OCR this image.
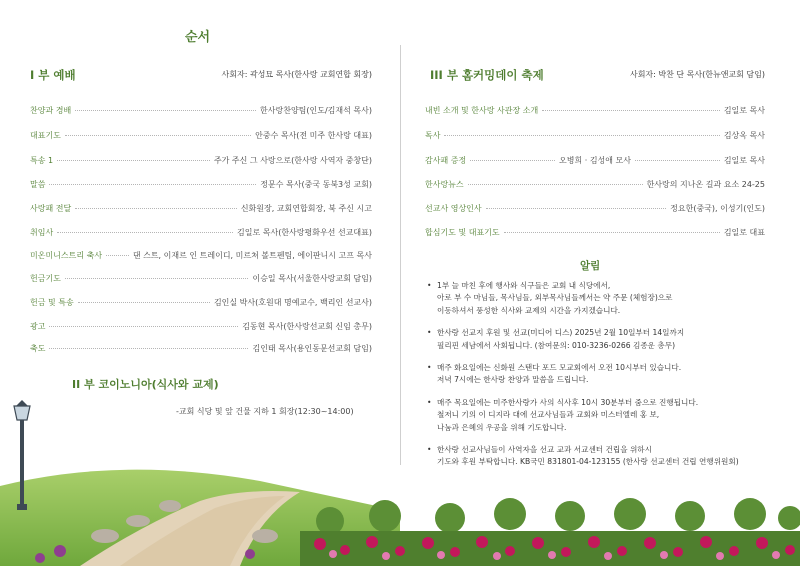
순서
I 부 예배	사회자: 곽성묘 목사(한사랑 교회연합 회장)
찬양과 경배	한사랑찬양팀(인도/김재석 목사)
대표기도	안중수 목사(전 미주 한사랑 대표)
특송 1	주가 주신 그 사랑으로(한사랑 사역자 중창단)
말씀	정문수 목사(중국 동북3성 교회)
사랑패 전달	신화원장, 교회연합회장, 북 주신 시고
취임사	김일로 목사(한사랑평화우선 선교대표)
미온미니스트리 축사	댄 스트, 이재르 인 트레이디, 미르쳐 볼트펜팀, 에이판니시 고프 목사
헌금기도	이승일 목사(서울한사랑교회 담임)
헌금 및 특송	김인실 박사(호원대 명예교수, 백리인 선교사)
광고	김동현 목사(한사랑선교회 신임 총무)
축도	김인태 목사(용인동문선교회 담임)
II 부 코이노니아(식사와 교제)
-교회 식당 및 앞 건물 지하 1 회장(12:30~14:00)
III 부 홈커밍데이 축제	사회자: 박찬 단 목사(한뉴앤교회 담임)
내빈 소개 및 한사랑 사관장 소개	김일로 목사
독사	김상옥 목사
감사패 증정	오병희 · 김성애 모사	김일로 목사
한사랑뉴스	한사랑의 지나온 길과 요소 24-25
선교사 영상인사	정요한(중국), 이성기(인도)
합심기도 및 대표기도	김일로 대표
알림
• 1부 늘 마친 후에 행사와 식구들은 교회 내 식당에서,
아로 부 수 마님들, 목사님들, 외부목사님들께서는 약 주문 (체험장)으로
이동하셔서 풍성한 식사와 교제의 시간을 가지겠습니다.
• 한사랑 선교지 후원 및 선교(미디어 디스) 2025년 2월 10일부터 14일까지
필리핀 세남에서 사회됩니다. (참여문의: 010-3236-0266 김종운 총무)
• 매주 화요일에는 신화원 스탠다 포드 모교회에서 오전 10시부터 있습니다.
저녁 7시에는 한사랑 찬양과 말씀을 드립니다.
• 매주 목요일에는 미주한사랑가 사의 식사후 10시 30분부터 줌으로 진행됩니다.
철저니 기의 이 디지라 대에 선교사님들과 교회와 미스터엘레 홍 보,
나눔과 은혜의 우공을 위해 기도합니다.
• 한사랑 선교사님들이 사역자을 선교 교과 서교센터 건립을 위하시
기도와 후원 부탁합니다. KB국민 831801-04-123155 (한사랑 선교센터 건립 연행위원회)
